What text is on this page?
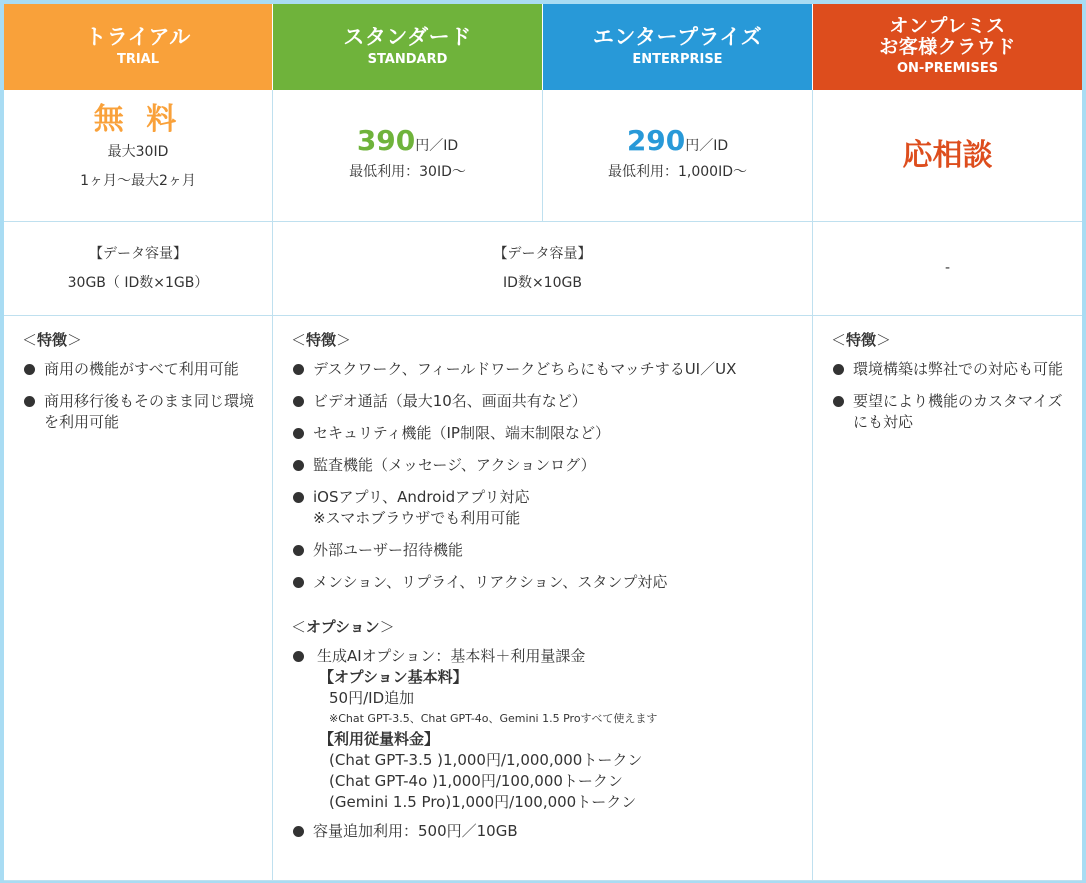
トライアル
TRIAL
スタンダード
STANDARD
エンタープライズ
ENTERPRISE
オンプレミス
お客様クラウド
ON-PREMISES
無 料
最大30ID
1ヶ月〜最大2ヶ月
390円／ID
最低利用：30ID〜
290円／ID
最低利用：1,000ID〜	応相談
【データ容量】
30GB（ ID数×1GB）
【データ容量】
ID数×10GB
-
＜特徴＞
商用の機能がすべて利用可能
商用移行後もそのまま同じ環境を利用可能
＜特徴＞
デスクワーク、フィールドワークどちらにもマッチするUI／UX
ビデオ通話（最大10名、画面共有など）
セキュリティ機能（IP制限、端末制限など）
監査機能（メッセージ、アクションログ）
iOSアプリ、Androidアプリ対応
※スマホブラウザでも利用可能
外部ユーザー招待機能
メンション、リプライ、リアクション、スタンプ対応
＜オプション＞
生成AIオプション：基本料＋利用量課金
【オプション基本料】
50円/ID追加
※Chat GPT-3.5、Chat GPT-4o、Gemini 1.5 Proすべて使えます
【利用従量料金】
(Chat GPT-3.5 )1,000円/1,000,000トークン
(Chat GPT-4o )1,000円/100,000トークン
(Gemini 1.5 Pro)1,000円/100,000トークン
容量追加利用：500円／10GB
＜特徴＞
環境構築は弊社での対応も可能
要望により機能のカスタマイズにも対応
